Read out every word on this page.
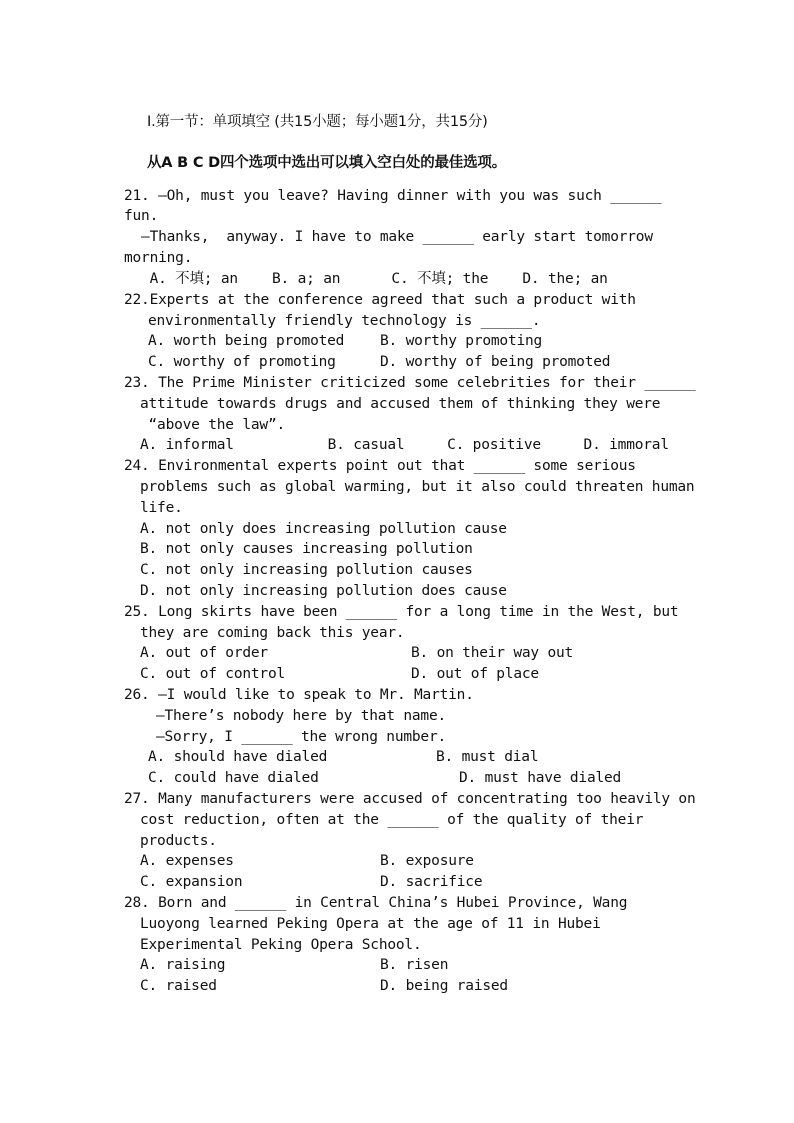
I.第一节：单项填空 (共15小题；每小题1分，共15分)
从A B C D四个选项中选出可以填入空白处的最佳选项。
21. —Oh, must you leave? Having dinner with you was such ______
fun.
—Thanks,  anyway. I have to make ______ early start tomorrow
morning.
A. 不填; an    B. a; an      C. 不填; the    D. the; an
22.Experts at the conference agreed that such a product with
environmentally friendly technology is ______.
A. worth being promoted B. worthy promoting
C. worthy of promoting	D. worthy of being promoted
23. The Prime Minister criticized some celebrities for their ______
attitude towards drugs and accused them of thinking they were
“above the law”.
A. informal           B. casual     C. positive     D. immoral
24. Environmental experts point out that ______ some serious
problems such as global warming, but it also could threaten human
life.
A. not only does increasing pollution cause
B. not only causes increasing pollution
C. not only increasing pollution causes
D. not only increasing pollution does cause
25. Long skirts have been ______ for a long time in the West, but
they are coming back this year.
A. out of order	B. on their way out
C. out of control	D. out of place
26. —I would like to speak to Mr. Martin.
—There’s nobody here by that name.
—Sorry, I ______ the wrong number.
A. should have dialed	B. must dial
C. could have dialed	D. must have dialed
27. Many manufacturers were accused of concentrating too heavily on
cost reduction, often at the ______ of the quality of their
products.
A. expenses	B. exposure
C. expansion	D. sacrifice
28. Born and ______ in Central China’s Hubei Province, Wang
Luoyong learned Peking Opera at the age of 11 in Hubei
Experimental Peking Opera School.
A. raising	B. risen
C. raised	D. being raised
